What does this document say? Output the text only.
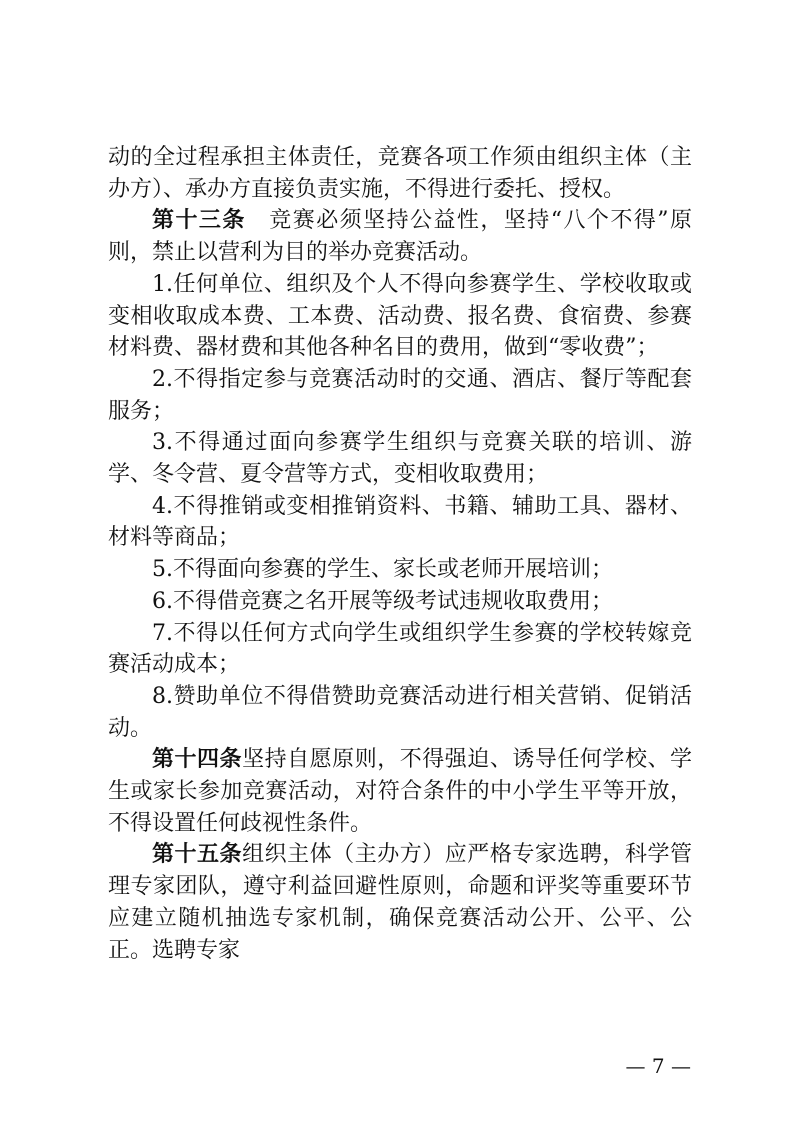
动的全过程承担主体责任，竞赛各项工作须由组织主体（主办方）、承办方直接负责实施，不得进行委托、授权。

第十三条　竞赛必须坚持公益性，坚持“八个不得”原则，禁止以营利为目的举办竞赛活动。

1.任何单位、组织及个人不得向参赛学生、学校收取或变相收取成本费、工本费、活动费、报名费、食宿费、参赛材料费、器材费和其他各种名目的费用，做到“零收费”；

2.不得指定参与竞赛活动时的交通、酒店、餐厅等配套服务；

3.不得通过面向参赛学生组织与竞赛关联的培训、游学、冬令营、夏令营等方式，变相收取费用；

4.不得推销或变相推销资料、书籍、辅助工具、器材、材料等商品；

5.不得面向参赛的学生、家长或老师开展培训；

6.不得借竞赛之名开展等级考试违规收取费用；

7.不得以任何方式向学生或组织学生参赛的学校转嫁竞赛活动成本；

8.赞助单位不得借赞助竞赛活动进行相关营销、促销活动。

第十四条坚持自愿原则，不得强迫、诱导任何学校、学生或家长参加竞赛活动，对符合条件的中小学生平等开放，不得设置任何歧视性条件。

第十五条组织主体（主办方）应严格专家选聘，科学管理专家团队，遵守利益回避性原则，命题和评奖等重要环节应建立随机抽选专家机制，确保竞赛活动公开、公平、公正。选聘专家

— 7 —
